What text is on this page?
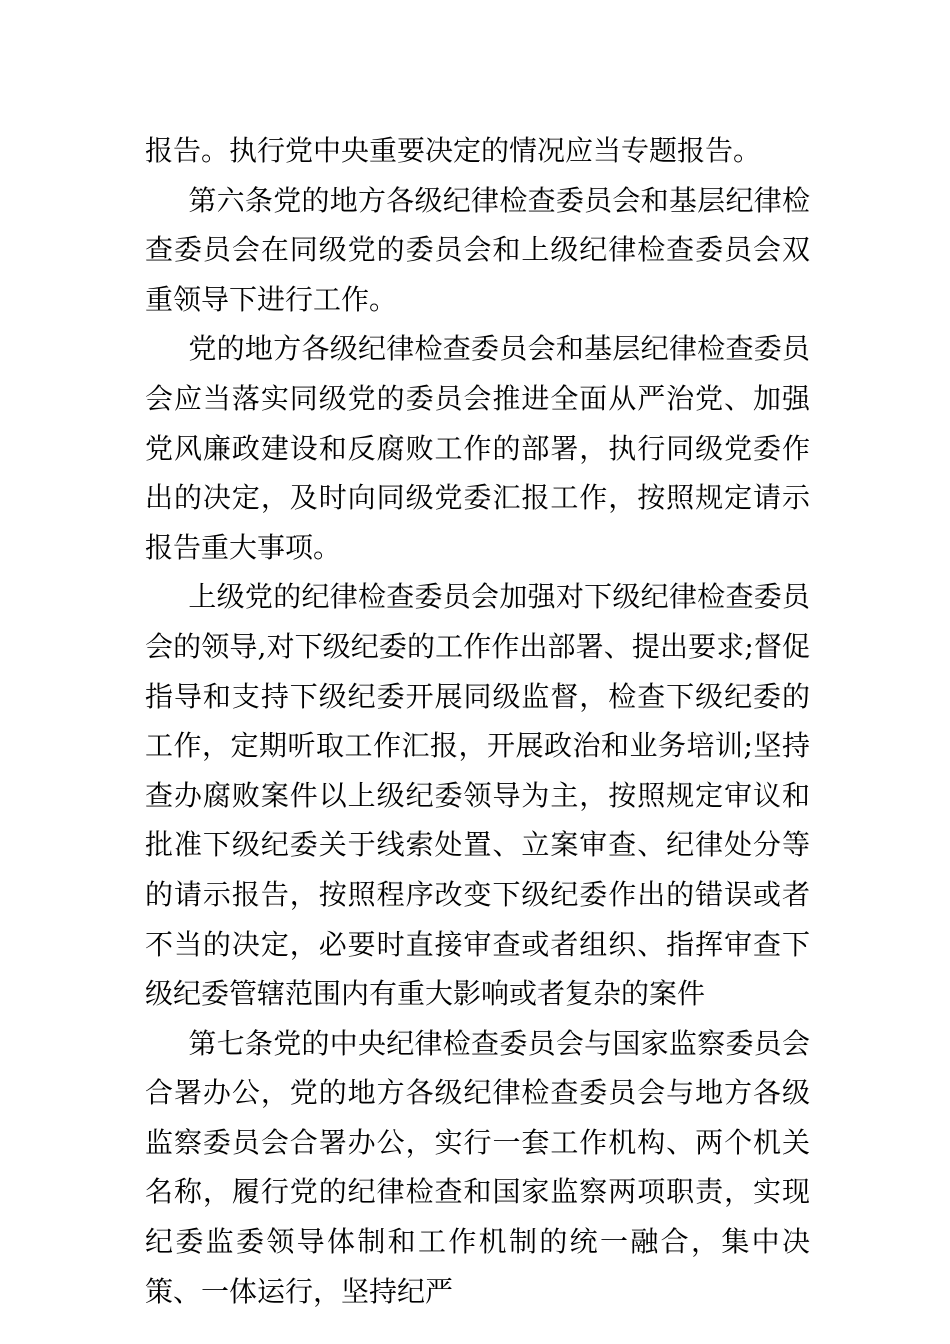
报告。执行党中央重要决定的情况应当专题报告。

第六条党的地方各级纪律检查委员会和基层纪律检查委员会在同级党的委员会和上级纪律检查委员会双重领导下进行工作。

党的地方各级纪律检查委员会和基层纪律检查委员会应当落实同级党的委员会推进全面从严治党、加强党风廉政建设和反腐败工作的部署，执行同级党委作出的决定，及时向同级党委汇报工作，按照规定请示报告重大事项。

上级党的纪律检查委员会加强对下级纪律检查委员会的领导,对下级纪委的工作作出部署、提出要求;督促指导和支持下级纪委开展同级监督，检查下级纪委的工作，定期听取工作汇报，开展政治和业务培训;坚持查办腐败案件以上级纪委领导为主，按照规定审议和批准下级纪委关于线索处置、立案审查、纪律处分等的请示报告，按照程序改变下级纪委作出的错误或者不当的决定，必要时直接审查或者组织、指挥审查下级纪委管辖范围内有重大影响或者复杂的案件

第七条党的中央纪律检查委员会与国家监察委员会合署办公，党的地方各级纪律检查委员会与地方各级监察委员会合署办公，实行一套工作机构、两个机关名称，履行党的纪律检查和国家监察两项职责，实现纪委监委领导体制和工作机制的统一融合，集中决策、一体运行，坚持纪严
